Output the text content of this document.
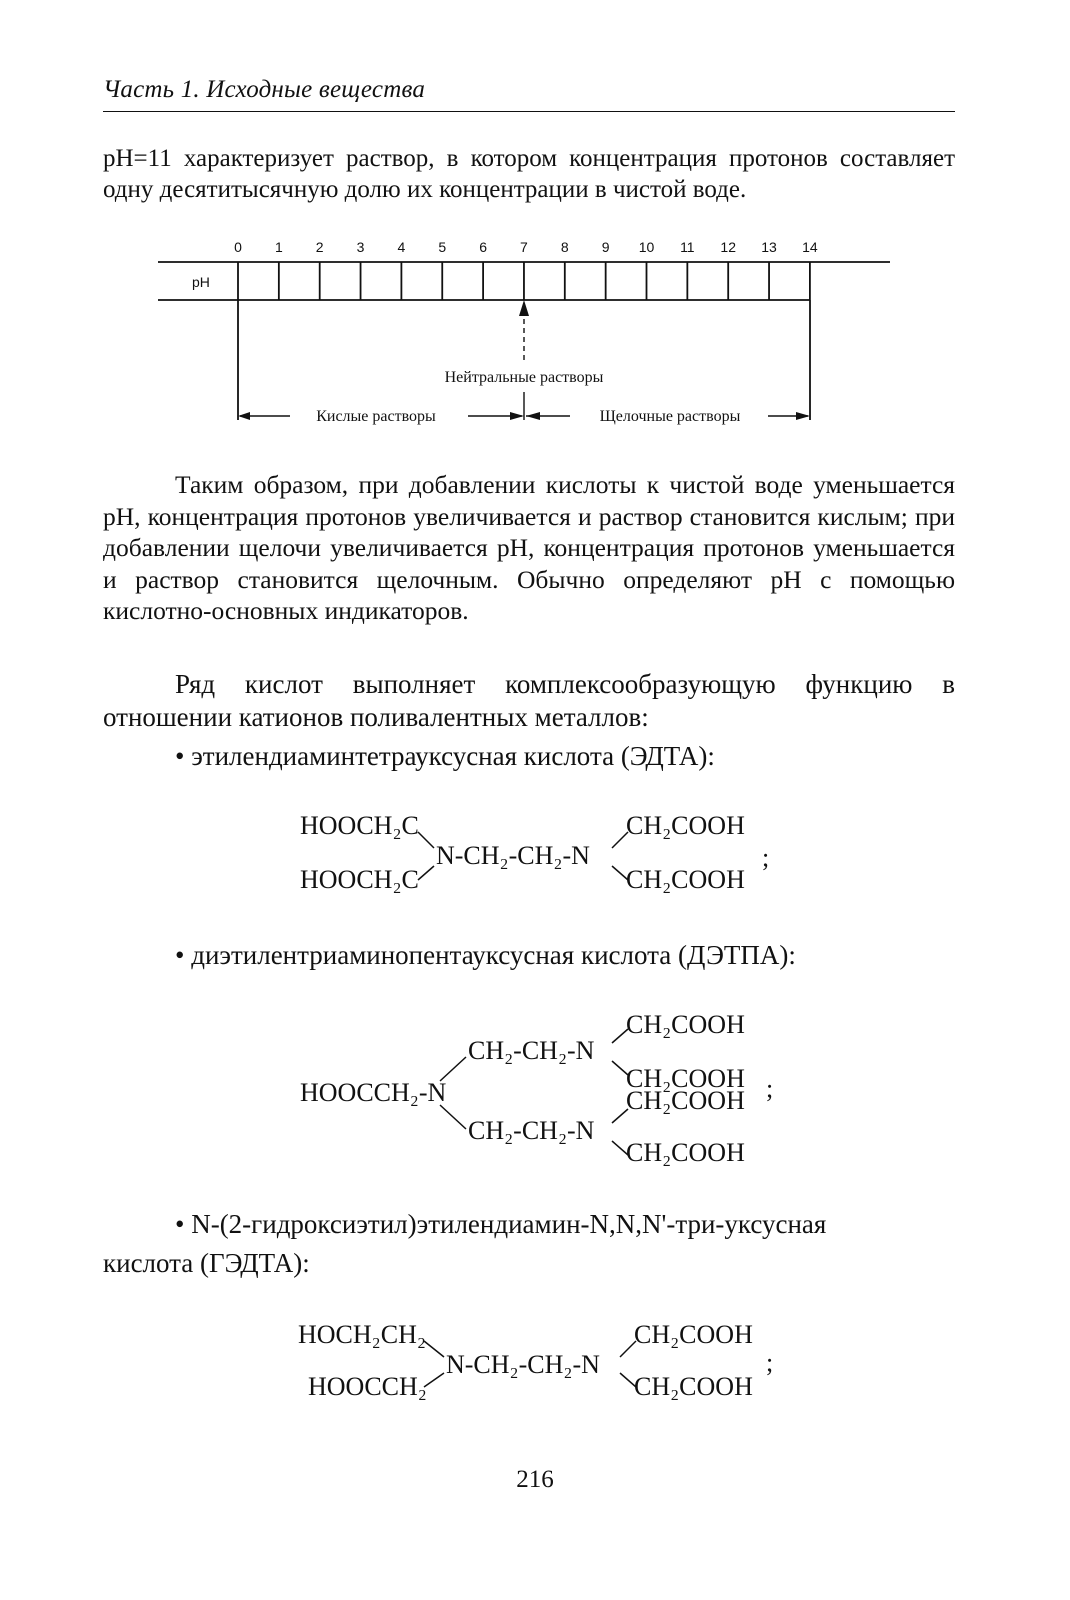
Часть 1. Исходные вещества
pH=11 характеризует раствор, в котором концентрация протонов составляет одну десятитысячную долю их концентрации в чистой воде.
pH
0 1 2 3 4 5 6 7 8 9 10 11 12 13 14
Нейтральные растворы
Кислые растворы	Щелочные растворы
Таким образом, при добавлении кислоты к чистой воде уменьшается pH, концентрация протонов увеличивается и раствор становится кислым; при добавлении щелочи увеличивается pH, концентрация протонов уменьшается и раствор становится щелочным. Обычно определяют pH с помощью кислотно-основных индикаторов.
Ряд кислот выполняет комплексообразующую функцию в отношении катионов поливалентных металлов:
• этилендиаминтетрауксусная кислота (ЭДТА):
HOOCH₂C
HOOCH₂C
N-CH₂-CH₂-N
CH₂COOH
CH₂COOH
;
• диэтилентриаминопентауксусная кислота (ДЭТПА):
HOOCCH₂-N
CH₂-CH₂-N
CH₂-CH₂-N
CH₂COOH
CH₂COOH
CH₂COOH
CH₂COOH
;
• N-(2-гидроксиэтил)этилендиамин-N,N,N'-три-уксусная
кислота (ГЭДТА):
HOCH₂CH₂
HOOCCH₂
N-CH₂-CH₂-N
CH₂COOH
CH₂COOH
;
216
